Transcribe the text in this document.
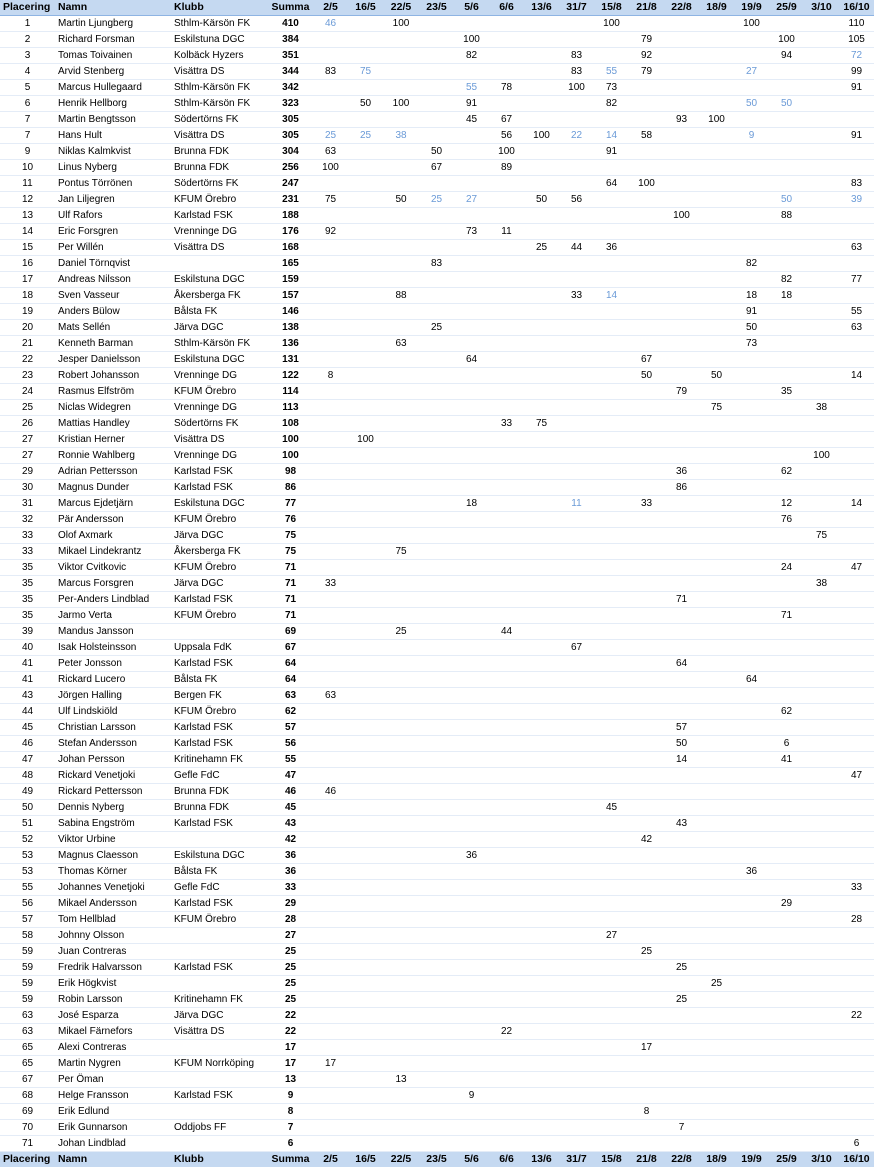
Placering	Namn	Klubb	Summa	2/5	16/5	22/5	23/5	5/6	6/6	13/6	31/7	15/8	21/8	22/8	18/9	19/9	25/9	3/10	16/10
1	Martin Ljungberg	Sthlm-Kärsön FK	410	46		100						100				100			110
2	Richard Forsman	Eskilstuna DGC	384					100					79				100		105
3	Tomas Toivainen	Kolbäck Hyzers	351					82			83		92				94		72
4	Arvid Stenberg	Visättra DS	344	83	75						83	55	79			27			99
5	Marcus Hullegaard	Sthlm-Kärsön FK	342					55	78		100	73							91
6	Henrik Hellborg	Sthlm-Kärsön FK	323		50	100		91				82				50	50		
7	Martin Bengtsson	Södertörns FK	305					45	67					93	100				
7	Hans Hult	Visättra DS	305	25	25	38			56	100	22	14	58			9			91
9	Niklas Kalmkvist	Brunna FDK	304	63			50		100			91							
10	Linus Nyberg	Brunna FDK	256	100			67		89										
11	Pontus Törrönen	Södertörns FK	247									64	100						83
12	Jan Liljegren	KFUM Örebro	231	75		50	25	27		50	56						50		39
13	Ulf Rafors	Karlstad FSK	188											100			88		
14	Eric Forsgren	Vrenninge DG	176	92				73	11										
15	Per Willén	Visättra DS	168							25	44	36							63
16	Daniel Törnqvist		165				83									82			
17	Andreas Nilsson	Eskilstuna DGC	159														82		77
18	Sven Vasseur	Åkersberga FK	157			88					33	14				18	18		
19	Anders Bülow	Bålsta FK	146													91			55
20	Mats Sellén	Järva DGC	138				25									50			63
21	Kenneth Barman	Sthlm-Kärsön FK	136			63										73			
22	Jesper Danielsson	Eskilstuna DGC	131					64					67						
23	Robert Johansson	Vrenninge DG	122	8									50		50				14
24	Rasmus Elfström	KFUM Örebro	114											79			35		
25	Niclas Widegren	Vrenninge DG	113												75			38	
26	Mattias Handley	Södertörns FK	108						33	75									
27	Kristian Herner	Visättra DS	100		100														
27	Ronnie Wahlberg	Vrenninge DG	100															100	
29	Adrian Pettersson	Karlstad FSK	98											36			62		
30	Magnus Dunder	Karlstad FSK	86											86					
31	Marcus Ejdetjärn	Eskilstuna DGC	77					18			11		33				12		14
32	Pär Andersson	KFUM Örebro	76														76		
33	Olof Axmark	Järva DGC	75															75	
33	Mikael Lindekrantz	Åkersberga FK	75			75													
35	Viktor Cvitkovic	KFUM Örebro	71														24		47
35	Marcus Forsgren	Järva DGC	71	33														38	
35	Per-Anders Lindblad	Karlstad FSK	71											71					
35	Jarmo Verta	KFUM Örebro	71														71		
39	Mandus Jansson		69			25			44										
40	Isak Holsteinsson	Uppsala FdK	67								67								
41	Peter Jonsson	Karlstad FSK	64											64					
41	Rickard Lucero	Bålsta FK	64													64			
43	Jörgen Halling	Bergen FK	63	63															
44	Ulf Lindskiöld	KFUM Örebro	62														62		
45	Christian Larsson	Karlstad FSK	57											57					
46	Stefan Andersson	Karlstad FSK	56											50			6		
47	Johan Persson	Kritinehamn FK	55											14			41		
48	Rickard Venetjoki	Gefle FdC	47																47
49	Rickard Pettersson	Brunna FDK	46	46															
50	Dennis Nyberg	Brunna FDK	45									45							
51	Sabina Engström	Karlstad FSK	43											43					
52	Viktor Urbine		42										42						
53	Magnus Claesson	Eskilstuna DGC	36					36											
53	Thomas Körner	Bålsta FK	36													36			
55	Johannes Venetjoki	Gefle FdC	33																33
56	Mikael Andersson	Karlstad FSK	29														29		
57	Tom Hellblad	KFUM Örebro	28																28
58	Johnny Olsson		27									27							
59	Juan Contreras		25										25						
59	Fredrik Halvarsson	Karlstad FSK	25											25					
59	Erik Högkvist		25												25				
59	Robin Larsson	Kritinehamn FK	25											25					
63	José Esparza	Järva DGC	22																22
63	Mikael Färnefors	Visättra DS	22						22										
65	Alexi Contreras		17										17						
65	Martin Nygren	KFUM Norrköping	17	17															
67	Per Öman		13			13													
68	Helge Fransson	Karlstad FSK	9					9											
69	Erik Edlund		8										8						
70	Erik Gunnarson	Oddjobs FF	7											7					
71	Johan Lindblad		6																6
Placering	Namn	Klubb	Summa	2/5	16/5	22/5	23/5	5/6	6/6	13/6	31/7	15/8	21/8	22/8	18/9	19/9	25/9	3/10	16/10
